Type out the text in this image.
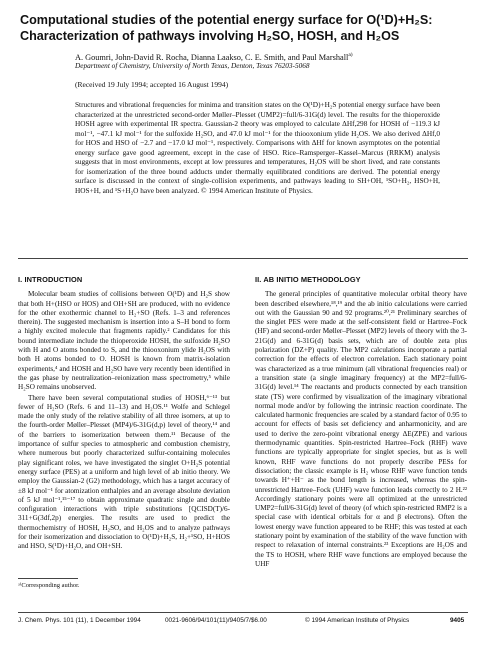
Computational studies of the potential energy surface for O(¹D)+H₂S:
Characterization of pathways involving H₂SO, HOSH, and H₂OS
A. Goumri, John-David R. Rocha, Dianna Laakso, C. E. Smith, and Paul Marshall$^{a)}$
Department of Chemistry, University of North Texas, Denton, Texas 76203-5068
(Received 19 July 1994; accepted 16 August 1994)

Structures and vibrational frequencies for minima and transition states on the O(¹D)+H₂S potential energy surface have been characterized at the unrestricted second-order Møller–Plesset (UMP2)=full/6-31G(d) level. The results for the thioperoxide HOSH agree with experimental IR spectra. Gaussian-2 theory was employed to calculate ΔHf,298 for HOSH of −119.3 kJ mol⁻¹, −47.1 kJ mol⁻¹ for the sulfoxide H₂SO, and 47.0 kJ mol⁻¹ for the thiooxonium ylide H₂OS. We also derived ΔHf,0 for HOS and HSO of −2.7 and −17.0 kJ mol⁻¹, respectively. Comparisons with ΔHf for known asymptotes on the potential energy surface gave good agreement, except in the case of HSO. Rice–Ramsperger–Kassel–Marcus (RRKM) analysis suggests that in most environments, except at low pressures and temperatures, H₂OS will be short lived, and rate constants for isomerization of the three bound adducts under thermally equilibrated conditions are derived. The potential energy surface is discussed in the context of single-collision experiments, and pathways leading to SH+OH, ¹SO+H₂, HSO+H, HOS+H, and ¹S+H₂O have been analyzed. © 1994 American Institute of Physics.

I. INTRODUCTION

Molecular beam studies of collisions between O(¹D) and H₂S show that both H+(HSO or HOS) and OH+SH are produced, with no evidence for the other exothermic channel to H₂+SO (Refs. 1–3 and references therein). The suggested mechanism is insertion into a S–H bond to form a highly excited molecule that fragments rapidly.² Candidates for this bound intermediate include the thioperoxide HOSH, the sulfoxide H₂SO with H and O atoms bonded to S, and the thiooxonium ylide H₂OS with both H atoms bonded to O. HOSH is known from matrix-isolation experiments,⁴ and HOSH and H₂SO have very recently been identified in the gas phase by neutralization–reionization mass spectrometry,⁵ while H₂SO remains unobserved.

There have been several computational studies of HOSH,⁶⁻¹³ but fewer of H₂SO (Refs. 6 and 11–13) and H₂OS.¹¹ Wolfe and Schlegel made the only study of the relative stability of all three isomers, at up to the fourth-order Møller–Plesset (MP4)/6-31G(d,p) level of theory,¹⁴ and of the barriers to isomerization between them.¹¹ Because of the importance of sulfur species to atmospheric and combustion chemistry, where numerous but poorly characterized sulfur-containing molecules play significant roles, we have investigated the singlet O+H₂S potential energy surface (PES) at a uniform and high level of ab initio theory. We employ the Gaussian-2 (G2) methodology, which has a target accuracy of ±8 kJ mol⁻¹ for atomization enthalpies and an average absolute deviation of 5 kJ mol⁻¹,¹⁵⁻¹⁷ to obtain approximate quadratic single and double configuration interactions with triple substitutions [QCISD(T)/6-311+G(3df,2p) energies. The results are used to predict the thermochemistry of HOSH, H₂SO, and H₂OS and to analyze pathways for their isomerization and dissociation to O(¹D)+H₂S, H₂+¹SO, H+HOS and HSO, S(¹D)+H₂O, and OH+SH.

II. AB INITIO METHODOLOGY

The general principles of quantitative molecular orbital theory have been described elsewhere,¹⁸,¹⁹ and the ab initio calculations were carried out with the Gaussian 90 and 92 programs.²⁰,²¹ Preliminary searches of the singlet PES were made at the self-consistent field or Hartree–Fock (HF) and second-order Møller–Plesset (MP2) levels of theory with the 3-21G(d) and 6-31G(d) basis sets, which are of double zeta plus polarization (DZ+P) quality. The MP2 calculations incorporate a partial correction for the effects of electron correlation. Each stationary point was characterized as a true minimum (all vibrational frequencies real) or a transition state (a single imaginary frequency) at the MP2=full/6-31G(d) level.¹⁴ The reactants and products connected by each transition state (TS) were confirmed by visualization of the imaginary vibrational normal mode and/or by following the intrinsic reaction coordinate. The calculated harmonic frequencies are scaled by a standard factor of 0.95 to account for effects of basis set deficiency and anharmonicity, and are used to derive the zero-point vibrational energy ΔE(ZPE) and various thermodynamic quantities. Spin-restricted Hartree–Fock (RHF) wave functions are typically appropriate for singlet species, but as is well known, RHF wave functions do not properly describe PESs for dissociation; the classic example is H₂ whose RHF wave function tends towards H⁺+H⁻ as the bond length is increased, whereas the spin-unrestricted Hartree–Fock (UHF) wave function leads correctly to 2 H.²² Accordingly stationary points were all optimized at the unrestricted UMP2=full/6-31G(d) level of theory (of which spin-restricted RMP2 is a special case with identical orbitals for α and β electrons). Often the lowest energy wave function appeared to be RHF; this was tested at each stationary point by examination of the stability of the wave function with respect to relaxation of internal constraints.²³ Exceptions are H₂OS and the TS to HOSH, where RHF wave functions are employed because the UHF

ᵃ⁾Corresponding author.
J. Chem. Phys. 101 (11), 1 December 1994	0021-9606/94/101(11)/9405/7/$6.00	© 1994 American Institute of Physics	9405
